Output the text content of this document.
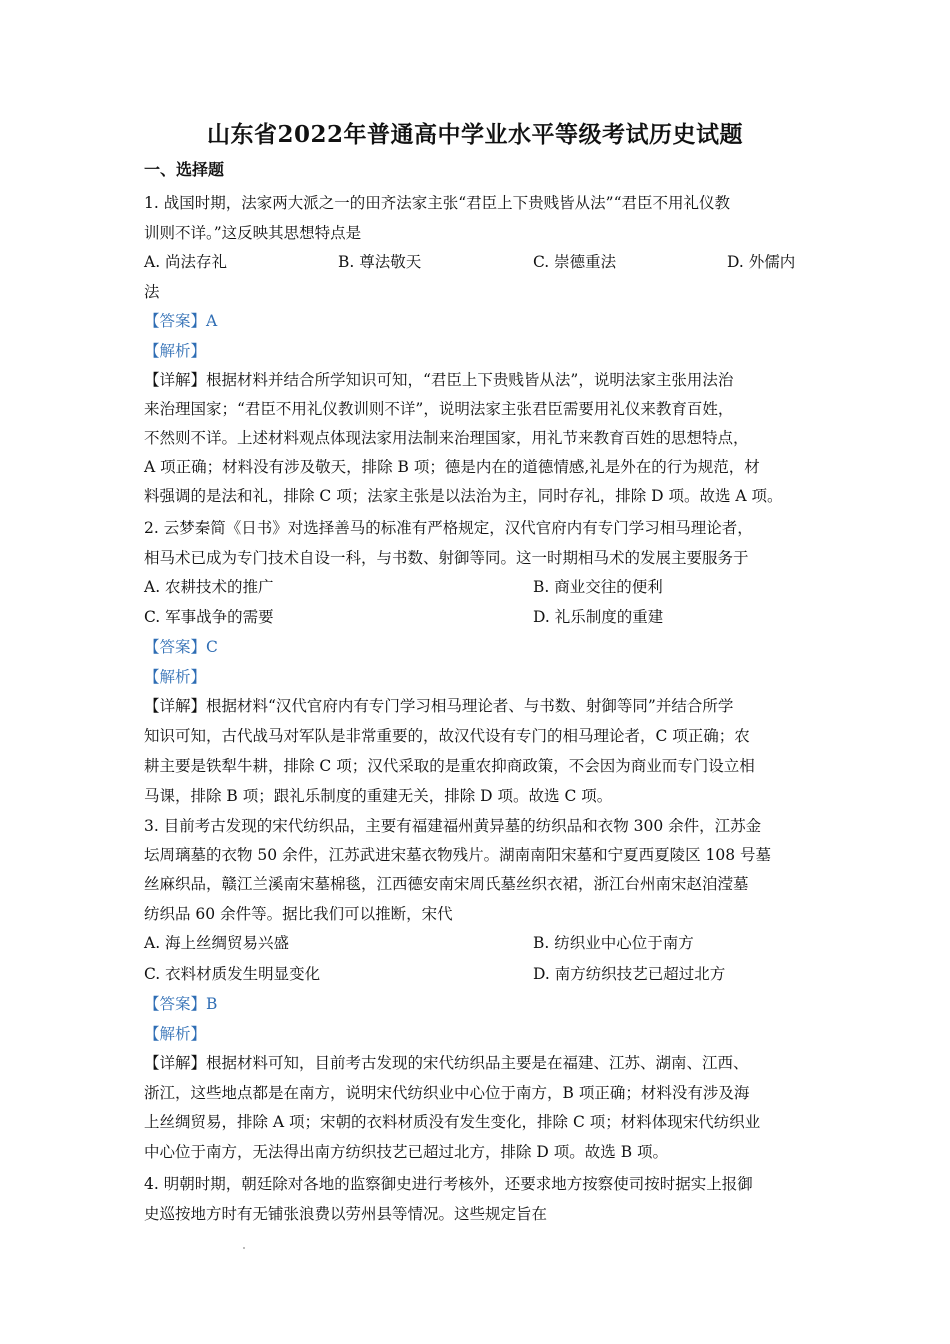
山东省2022年普通高中学业水平等级考试历史试题
一、选择题
1. 战国时期，法家两大派之一的田齐法家主张“君臣上下贵贱皆从法”“君臣不用礼仪教
训则不详。”这反映其思想特点是
A. 尚法存礼	B. 尊法敬天	C. 崇德重法	D. 外儒内
法
【答案】A
【解析】
【详解】根据材料并结合所学知识可知，“君臣上下贵贱皆从法”，说明法家主张用法治
来治理国家；“君臣不用礼仪教训则不详”，说明法家主张君臣需要用礼仪来教育百姓，
不然则不详。上述材料观点体现法家用法制来治理国家，用礼节来教育百姓的思想特点，
A 项正确；材料没有涉及敬天，排除 B 项；德是内在的道德情感,礼是外在的行为规范，材
料强调的是法和礼，排除 C 项；法家主张是以法治为主，同时存礼，排除 D 项。故选 A 项。
2. 云梦秦简《日书》对选择善马的标准有严格规定，汉代官府内有专门学习相马理论者，
相马术已成为专门技术自设一科，与书数、射御等同。这一时期相马术的发展主要服务于
A. 农耕技术的推广	B. 商业交往的便利
C. 军事战争的需要	D. 礼乐制度的重建
【答案】C
【解析】
【详解】根据材料“汉代官府内有专门学习相马理论者、与书数、射御等同”并结合所学
知识可知，古代战马对军队是非常重要的，故汉代设有专门的相马理论者，C 项正确；农
耕主要是铁犁牛耕，排除 C 项；汉代采取的是重农抑商政策，不会因为商业而专门设立相
马课，排除 B 项；跟礼乐制度的重建无关，排除 D 项。故选 C 项。
3. 目前考古发现的宋代纺织品，主要有福建福州黄异墓的纺织品和衣物 300 余件，江苏金
坛周璃墓的衣物 50 余件，江苏武进宋墓衣物残片。湖南南阳宋墓和宁夏西夏陵区 108 号墓
丝麻织品，赣江兰溪南宋墓棉毯，江西德安南宋周氏墓丝织衣裙，浙江台州南宋赵洎滢墓
纺织品 60 余件等。据比我们可以推断，宋代
A. 海上丝绸贸易兴盛	B. 纺织业中心位于南方
C. 衣料材质发生明显变化	D. 南方纺织技艺已超过北方
【答案】B
【解析】
【详解】根据材料可知，目前考古发现的宋代纺织品主要是在福建、江苏、湖南、江西、
浙江，这些地点都是在南方，说明宋代纺织业中心位于南方，B 项正确；材料没有涉及海
上丝绸贸易，排除 A 项；宋朝的衣料材质没有发生变化，排除 C 项；材料体现宋代纺织业
中心位于南方，无法得出南方纺织技艺已超过北方，排除 D 项。故选 B 项。
4. 明朝时期，朝廷除对各地的监察御史进行考核外，还要求地方按察使司按时据实上报御
史巡按地方时有无铺张浪费以劳州县等情况。这些规定旨在
